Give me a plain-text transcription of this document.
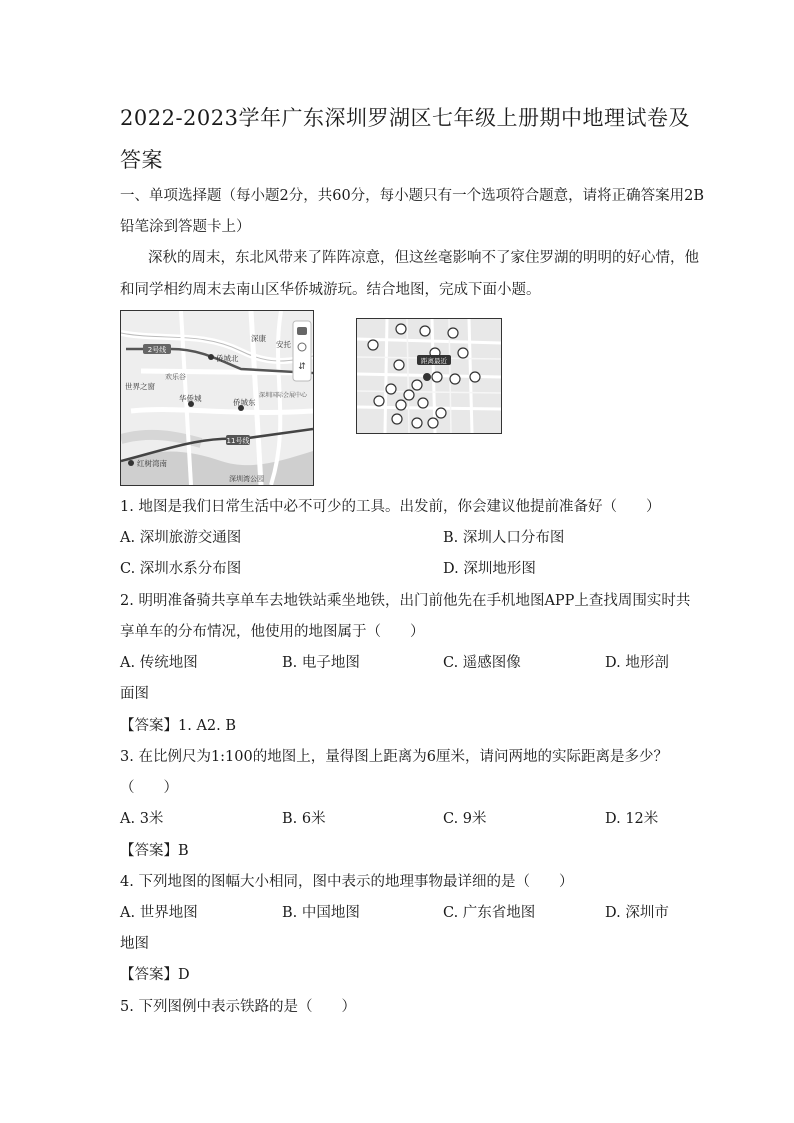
2022-2023学年广东深圳罗湖区七年级上册期中地理试卷及
答案
一、单项选择题（每小题2分，共60分，每小题只有一个选项符合题意，请将正确答案用2B
铅笔涂到答题卡上）
深秋的周末，东北风带来了阵阵凉意，但这丝毫影响不了家住罗湖的明明的好心情，他
和同学相约周末去南山区华侨城游玩。结合地图，完成下面小题。
2号线
11号线
深康
安托
侨城北
欢乐谷
世界之窗
华侨城	侨城东
深圳国际会展中心
红树湾南
深圳湾公园
⇵
距离最近
1. 地图是我们日常生活中必不可少的工具。出发前，你会建议他提前准备好（　　）
A. 深圳旅游交通图	B. 深圳人口分布图
C. 深圳水系分布图	D. 深圳地形图
2. 明明准备骑共享单车去地铁站乘坐地铁，出门前他先在手机地图APP上查找周围实时共
享单车的分布情况，他使用的地图属于（　　）
A. 传统地图	B. 电子地图	C. 遥感图像	D. 地形剖
面图
【答案】1. A2. B
3. 在比例尺为1:100的地图上，量得图上距离为6厘米，请问两地的实际距离是多少？
（　　）
A. 3米	B. 6米	C. 9米	D. 12米
【答案】B
4. 下列地图的图幅大小相同，图中表示的地理事物最详细的是（　　）
A. 世界地图	B. 中国地图	C. 广东省地图	D. 深圳市
地图
【答案】D
5. 下列图例中表示铁路的是（　　）
